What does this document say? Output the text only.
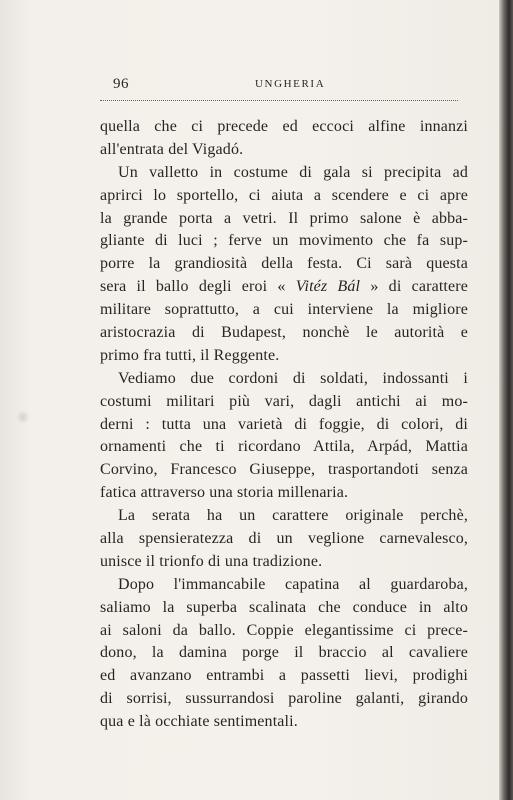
96	UNGHERIA
quella che ci precede ed eccoci alfine innanzi
all'entrata del Vigadó.
Un valletto in costume di gala si precipita ad
aprirci lo sportello, ci aiuta a scendere e ci apre
la grande porta a vetri. Il primo salone è abba-
gliante di luci ; ferve un movimento che fa sup-
porre la grandiosità della festa. Ci sarà questa
sera il ballo degli eroi « Vitéz Bál » di carattere
militare soprattutto, a cui interviene la migliore
aristocrazia di Budapest, nonchè le autorità e
primo fra tutti, il Reggente.
Vediamo due cordoni di soldati, indossanti i
costumi militari più vari, dagli antichi ai mo-
derni : tutta una varietà di foggie, di colori, di
ornamenti che ti ricordano Attila, Arpád, Mattia
Corvino, Francesco Giuseppe, trasportandoti senza
fatica attraverso una storia millenaria.
La serata ha un carattere originale perchè,
alla spensieratezza di un veglione carnevalesco,
unisce il trionfo di una tradizione.
Dopo l'immancabile capatina al guardaroba,
saliamo la superba scalinata che conduce in alto
ai saloni da ballo. Coppie elegantissime ci prece-
dono, la damina porge il braccio al cavaliere
ed avanzano entrambi a passetti lievi, prodighi
di sorrisi, sussurrandosi paroline galanti, girando
qua e là occhiate sentimentali.
